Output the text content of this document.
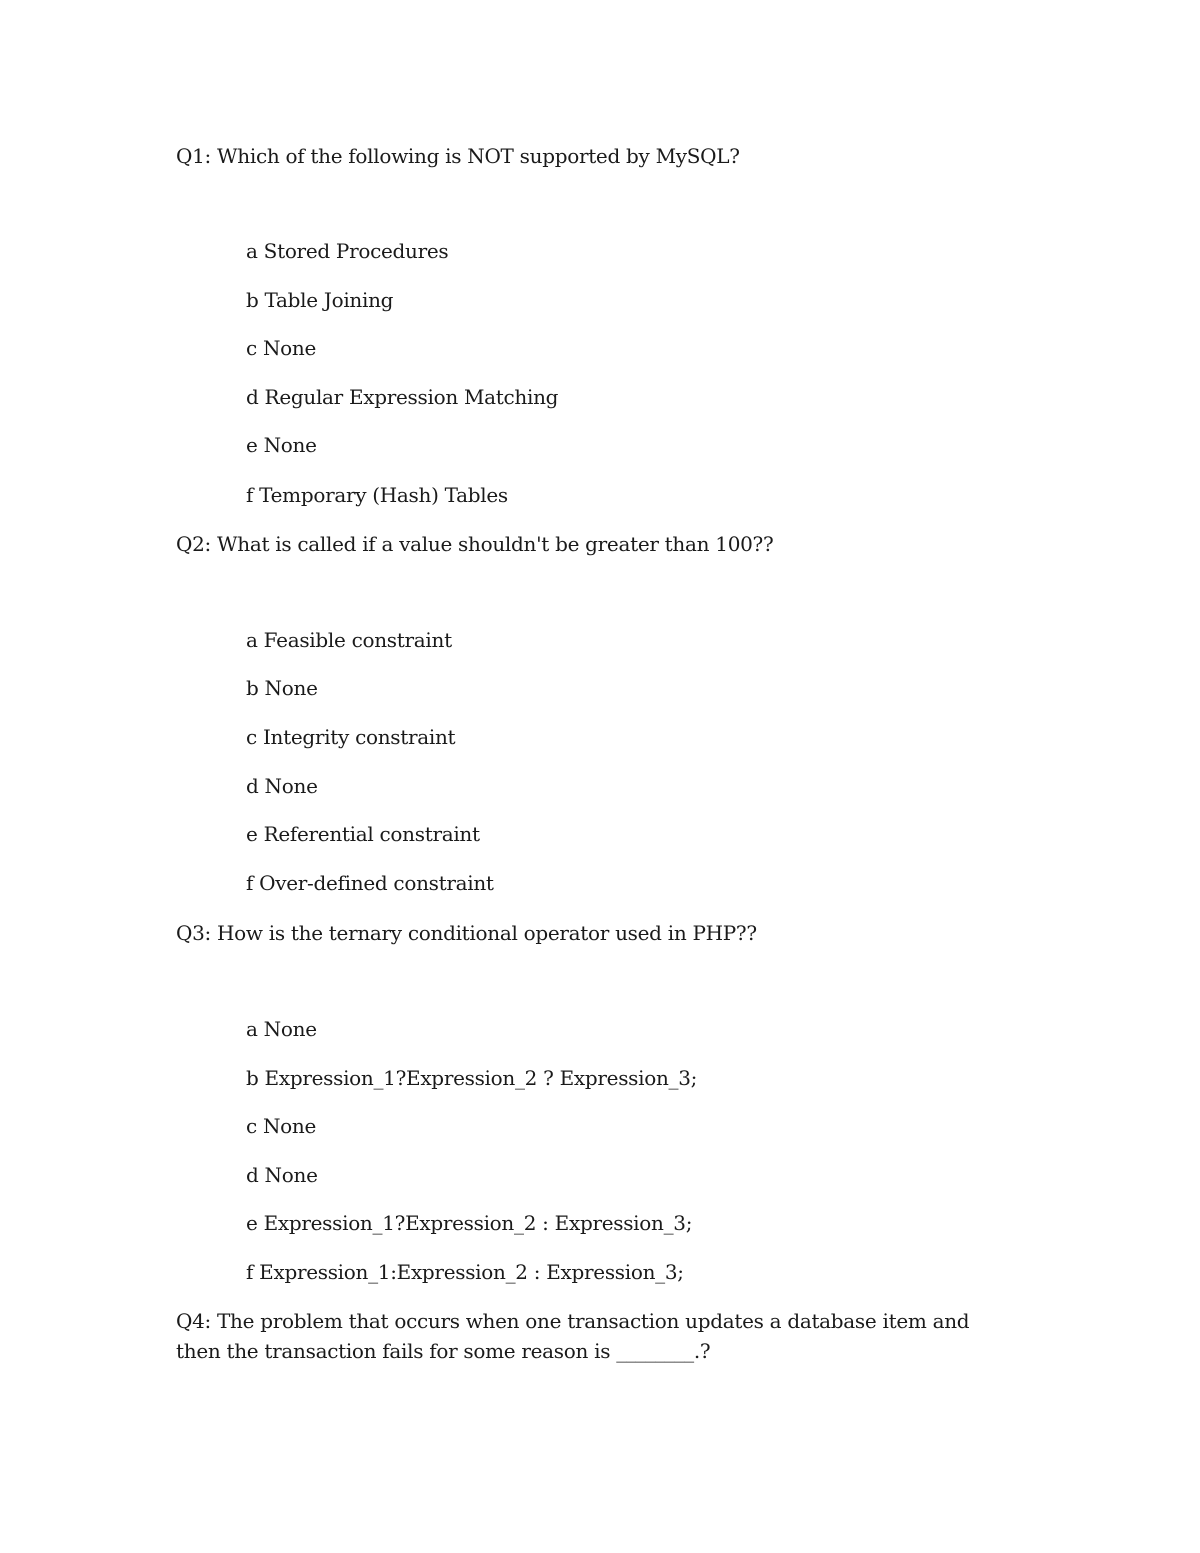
Q1: Which of the following is NOT supported by MySQL?
a Stored Procedures
b Table Joining
c None
d Regular Expression Matching
e None
f Temporary (Hash) Tables
Q2: What is called if a value shouldn't be greater than 100??
a Feasible constraint
b None
c Integrity constraint
d None
e Referential constraint
f Over-defined constraint
Q3: How is the ternary conditional operator used in PHP??
a None
b Expression_1?Expression_2 ? Expression_3;
c None
d None
e Expression_1?Expression_2 : Expression_3;
f Expression_1:Expression_2 : Expression_3;
Q4: The problem that occurs when one transaction updates a database item and then the transaction fails for some reason is ________.?
